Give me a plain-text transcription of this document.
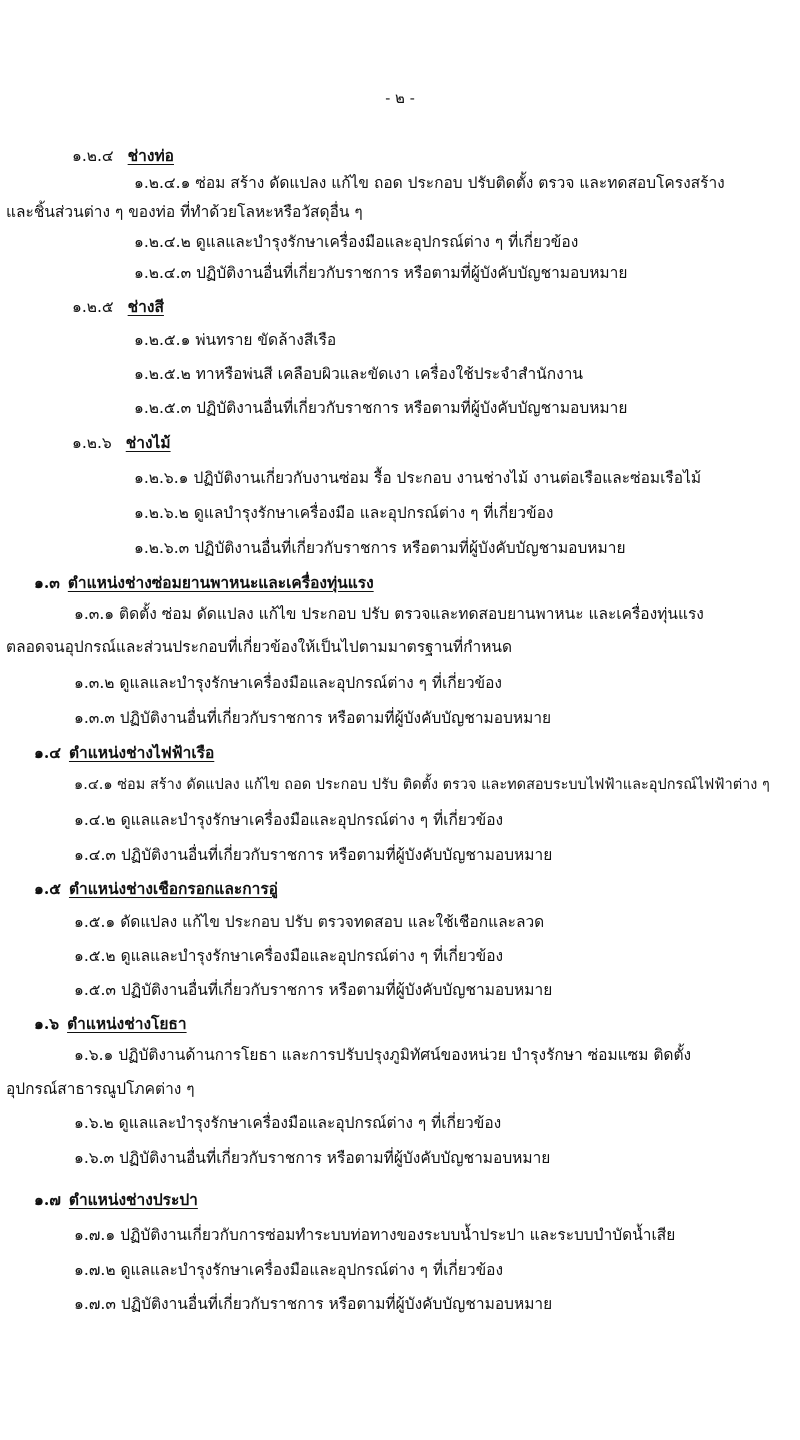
- ๒ -
๑.๒.๔ ช่างท่อ
๑.๒.๔.๑ ซ่อม สร้าง ดัดแปลง แก้ไข ถอด ประกอบ ปรับติดตั้ง ตรวจ และทดสอบโครงสร้าง
และชิ้นส่วนต่าง ๆ ของท่อ ที่ทำด้วยโลหะหรือวัสดุอื่น ๆ
๑.๒.๔.๒ ดูแลและบำรุงรักษาเครื่องมือและอุปกรณ์ต่าง ๆ ที่เกี่ยวข้อง
๑.๒.๔.๓ ปฏิบัติงานอื่นที่เกี่ยวกับราชการ หรือตามที่ผู้บังคับบัญชามอบหมาย
๑.๒.๕ ช่างสี
๑.๒.๕.๑ พ่นทราย ขัดล้างสีเรือ
๑.๒.๕.๒ ทาหรือพ่นสี เคลือบผิวและขัดเงา เครื่องใช้ประจำสำนักงาน
๑.๒.๕.๓ ปฏิบัติงานอื่นที่เกี่ยวกับราชการ หรือตามที่ผู้บังคับบัญชามอบหมาย
๑.๒.๖ ช่างไม้
๑.๒.๖.๑ ปฏิบัติงานเกี่ยวกับงานซ่อม รื้อ ประกอบ งานช่างไม้ งานต่อเรือและซ่อมเรือไม้
๑.๒.๖.๒ ดูแลบำรุงรักษาเครื่องมือ และอุปกรณ์ต่าง ๆ ที่เกี่ยวข้อง
๑.๒.๖.๓ ปฏิบัติงานอื่นที่เกี่ยวกับราชการ หรือตามที่ผู้บังคับบัญชามอบหมาย
๑.๓ ตำแหน่งช่างซ่อมยานพาหนะและเครื่องทุ่นแรง
๑.๓.๑ ติดตั้ง ซ่อม ดัดแปลง แก้ไข ประกอบ ปรับ ตรวจและทดสอบยานพาหนะ และเครื่องทุ่นแรง
ตลอดจนอุปกรณ์และส่วนประกอบที่เกี่ยวข้องให้เป็นไปตามมาตรฐานที่กำหนด
๑.๓.๒ ดูแลและบำรุงรักษาเครื่องมือและอุปกรณ์ต่าง ๆ ที่เกี่ยวข้อง
๑.๓.๓ ปฏิบัติงานอื่นที่เกี่ยวกับราชการ หรือตามที่ผู้บังคับบัญชามอบหมาย
๑.๔ ตำแหน่งช่างไฟฟ้าเรือ
๑.๔.๑ ซ่อม สร้าง ดัดแปลง แก้ไข ถอด ประกอบ ปรับ ติดตั้ง ตรวจ และทดสอบระบบไฟฟ้าและอุปกรณ์ไฟฟ้าต่าง ๆ
๑.๔.๒ ดูแลและบำรุงรักษาเครื่องมือและอุปกรณ์ต่าง ๆ ที่เกี่ยวข้อง
๑.๔.๓ ปฏิบัติงานอื่นที่เกี่ยวกับราชการ หรือตามที่ผู้บังคับบัญชามอบหมาย
๑.๕ ตำแหน่งช่างเชือกรอกและการอู่
๑.๕.๑ ดัดแปลง แก้ไข ประกอบ ปรับ ตรวจทดสอบ และใช้เชือกและลวด
๑.๕.๒ ดูแลและบำรุงรักษาเครื่องมือและอุปกรณ์ต่าง ๆ ที่เกี่ยวข้อง
๑.๕.๓ ปฏิบัติงานอื่นที่เกี่ยวกับราชการ หรือตามที่ผู้บังคับบัญชามอบหมาย
๑.๖ ตำแหน่งช่างโยธา
๑.๖.๑ ปฏิบัติงานด้านการโยธา และการปรับปรุงภูมิทัศน์ของหน่วย บำรุงรักษา ซ่อมแซม ติดตั้ง
อุปกรณ์สาธารณูปโภคต่าง ๆ
๑.๖.๒ ดูแลและบำรุงรักษาเครื่องมือและอุปกรณ์ต่าง ๆ ที่เกี่ยวข้อง
๑.๖.๓ ปฏิบัติงานอื่นที่เกี่ยวกับราชการ หรือตามที่ผู้บังคับบัญชามอบหมาย
๑.๗ ตำแหน่งช่างประปา
๑.๗.๑ ปฏิบัติงานเกี่ยวกับการซ่อมทำระบบท่อทางของระบบน้ำประปา และระบบบำบัดน้ำเสีย
๑.๗.๒ ดูแลและบำรุงรักษาเครื่องมือและอุปกรณ์ต่าง ๆ ที่เกี่ยวข้อง
๑.๗.๓ ปฏิบัติงานอื่นที่เกี่ยวกับราชการ หรือตามที่ผู้บังคับบัญชามอบหมาย
